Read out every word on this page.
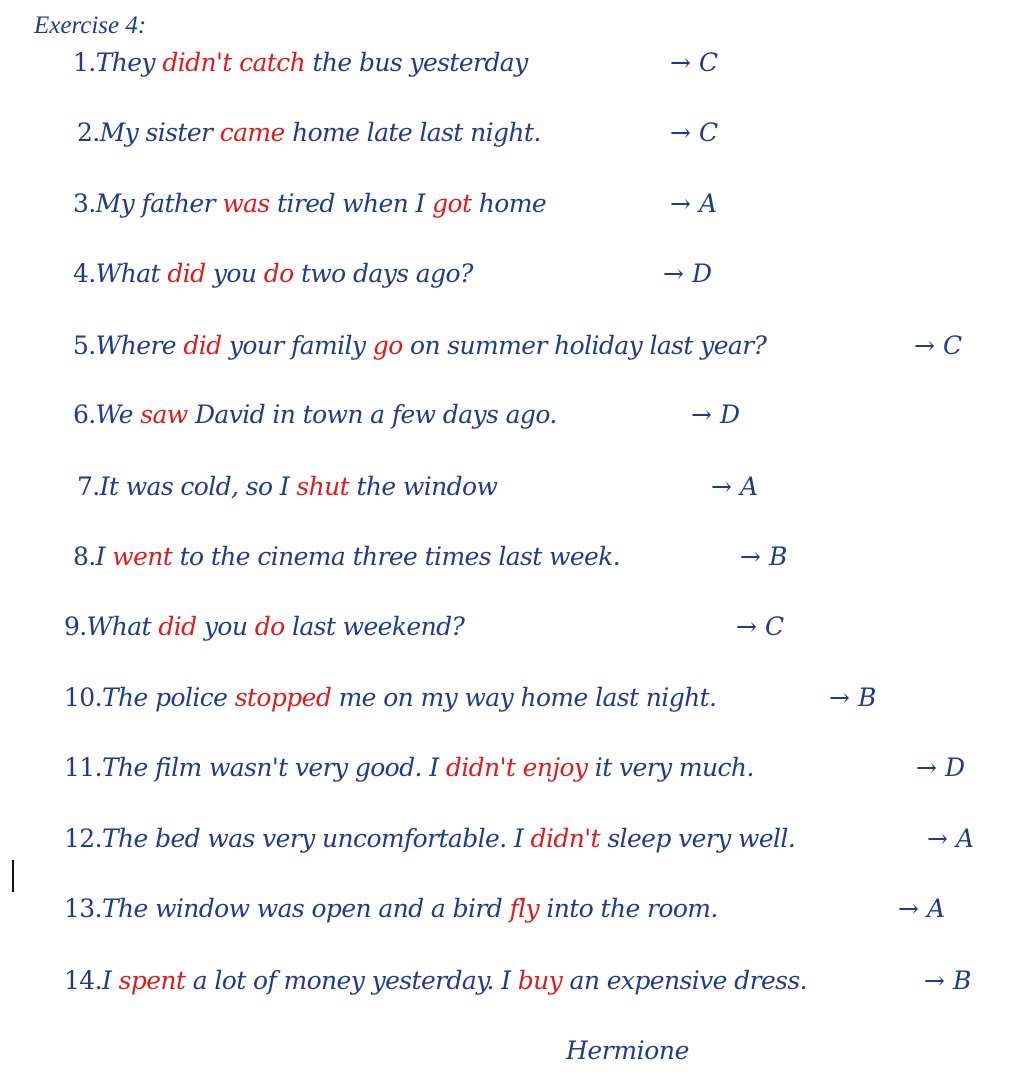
Exercise 4:
1.They didn't catch the bus yesterday	→ C
2.My sister came home late last night.	→ C
3.My father was tired when I got home	→ A
4.What did you do two days ago?	→ D
5.Where did your family go on summer holiday last year?	→ C
6.We saw David in town a few days ago.	→ D
7.It was cold, so I shut the window	→ A
8.I went to the cinema three times last week.	→ B
9.What did you do last weekend?	→ C
10.The police stopped me on my way home last night.	→ B
11.The film wasn't very good. I didn't enjoy it very much.	→ D
12.The bed was very uncomfortable. I didn't sleep very well.	→ A
13.The window was open and a bird fly into the room.	→ A
14.I spent a lot of money yesterday. I buy an expensive dress.	→ B
Hermione
